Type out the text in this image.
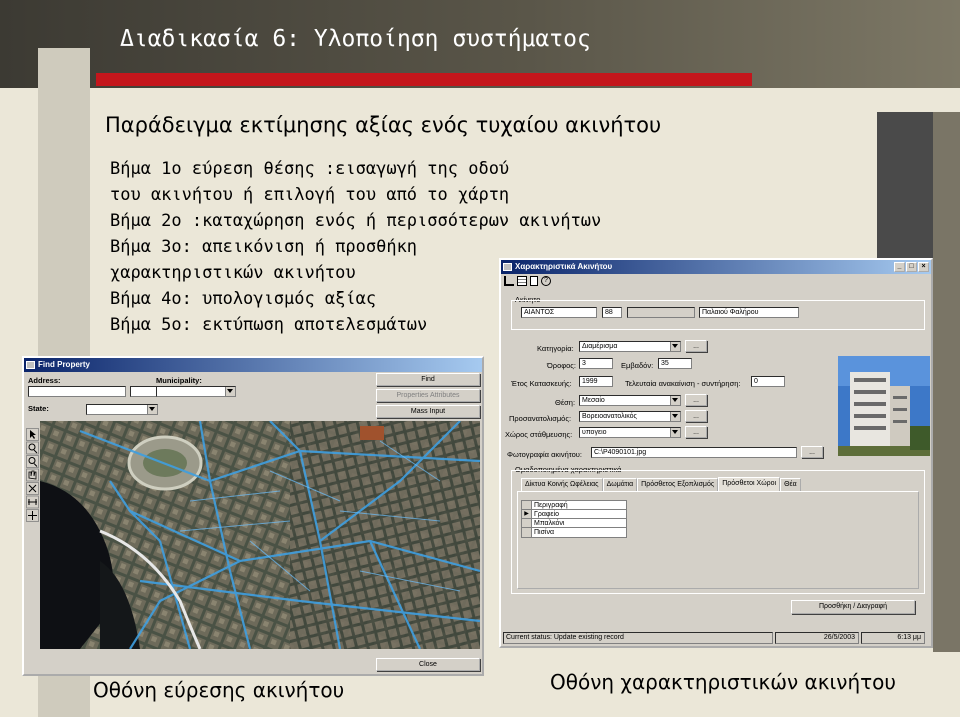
Διαδικασία 6: Υλοποίηση συστήματος
Παράδειγμα εκτίμησης αξίας ενός τυχαίου ακινήτου
Βήμα 1ο εύρεση θέσης :εισαγωγή της οδού
του ακινήτου ή επιλογή του από το χάρτη
Βήμα 2ο :καταχώρηση ενός ή περισσότερων ακινήτων
Βήμα 3ο: απεικόνιση ή προσθήκη
χαρακτηριστικών ακινήτου
Βήμα 4ο: υπολογισμός αξίας
Βήμα 5ο: εκτύπωση αποτελεσμάτων
Find Property
Address:	Municipality:
State:
Find
Properties Attributes
Mass Input
Close
Χαρακτηριστικά Ακινήτου	_	□	×
?
Ακίνητο
ΑΙΑΝΤΟΣ	88	Παλαιού Φαλήρου
Κατηγορία:	Διαμέρισμα	...
Όροφος: 3	Εμβαδόν:	35
Έτος Κατασκευής:	1999	Τελευταία ανακαίνιση - συντήρηση:	0
Θέση: Μεσαίο	...
Προσανατολισμός:	Βορειοανατολικός	...
Χώρος στάθμευσης:	υπογειο	...
Φωτογραφία ακινήτου:	C:\P4090101.jpg	...
Ομαδοποιημένα χαρακτηριστικά
Δίκτυα Κοινής Ωφέλειας	Δωμάτια	Πρόσθετος Εξοπλισμός	Πρόσθετοι Χώροι	Θέα
Περιγραφή
▶ Γραφείο
Μπαλκόνι
Πισίνα
Προσθήκη / Διαγραφή
Current status: Update existing record	26/5/2003	6:13 μμ
Οθόνη εύρεσης ακινήτου	Οθόνη χαρακτηριστικών ακινήτου
